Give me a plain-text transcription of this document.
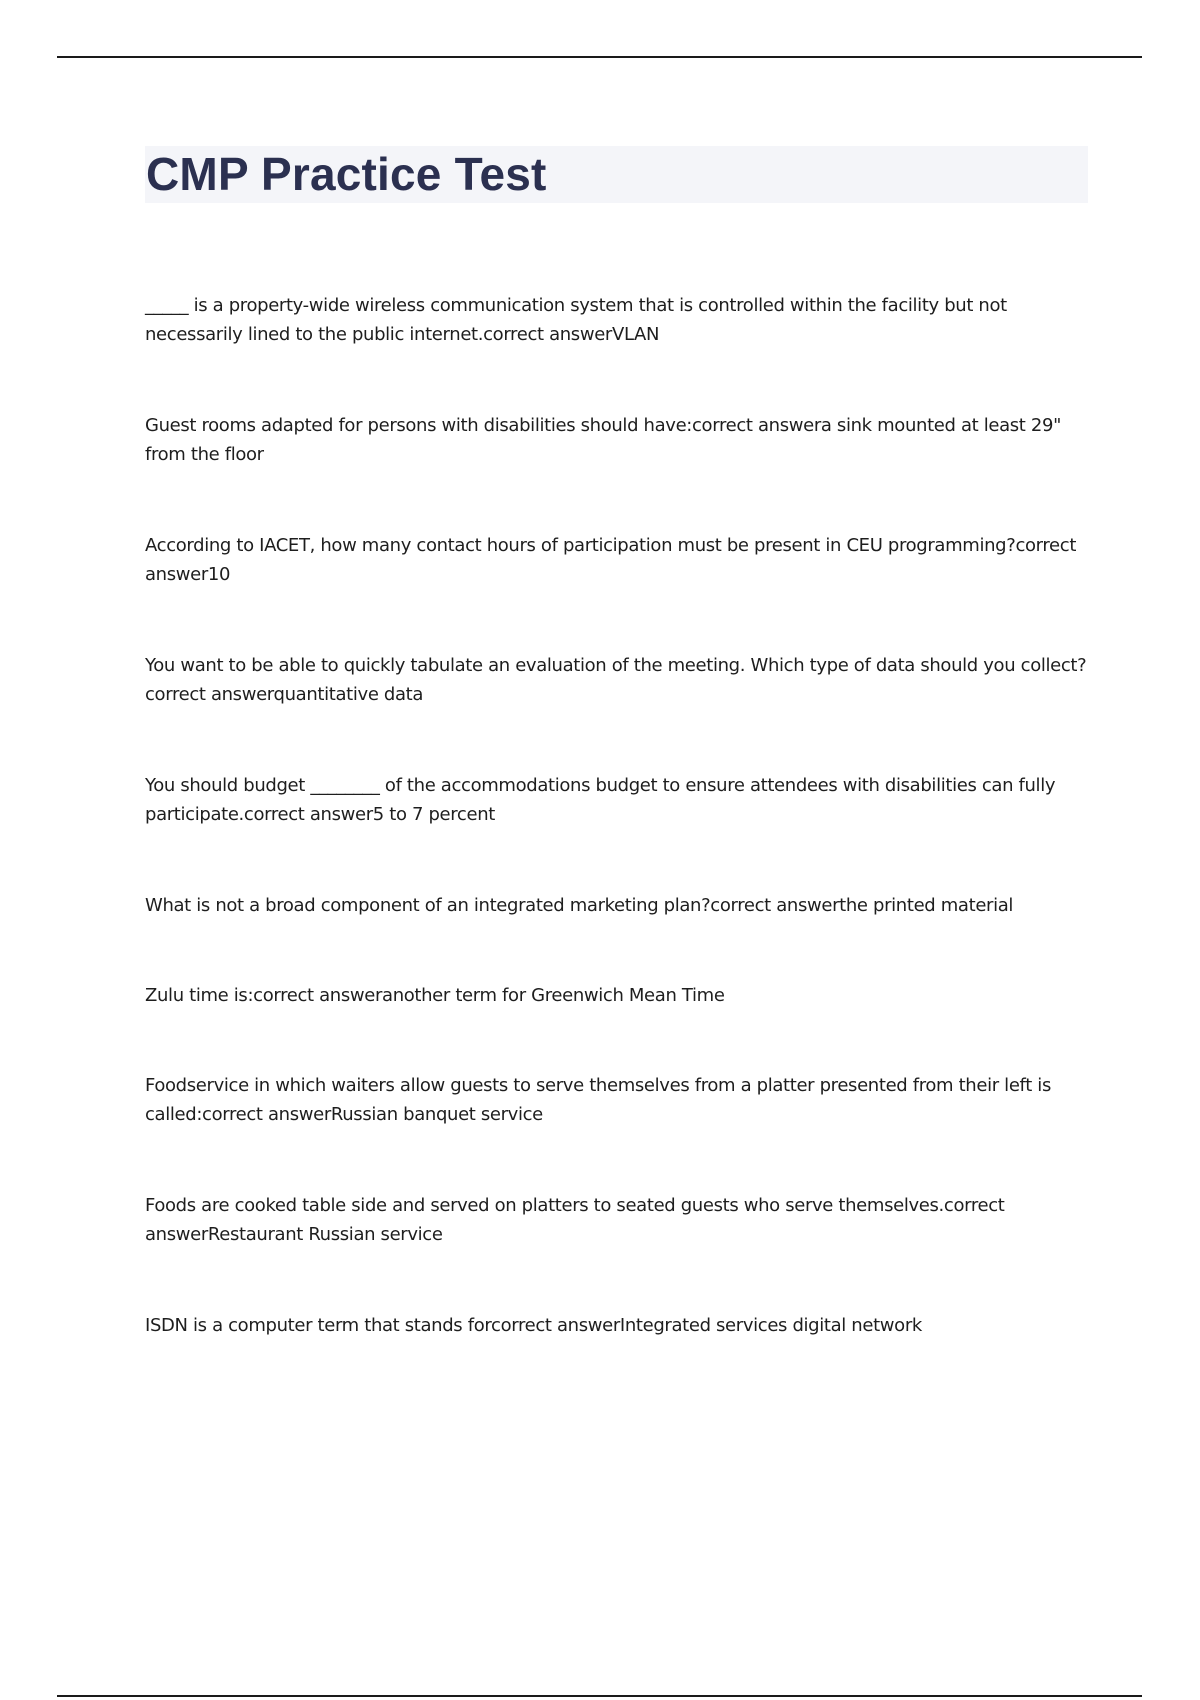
CMP Practice Test
_____ is a property-wide wireless communication system that is controlled within the facility but not necessarily lined to the public internet.correct answerVLAN
Guest rooms adapted for persons with disabilities should have:correct answera sink mounted at least 29" from the floor
According to IACET, how many contact hours of participation must be present in CEU programming?correct answer10
You want to be able to quickly tabulate an evaluation of the meeting. Which type of data should you collect?correct answerquantitative data
You should budget ________ of the accommodations budget to ensure attendees with disabilities can fully participate.correct answer5 to 7 percent
What is not a broad component of an integrated marketing plan?correct answerthe printed material
Zulu time is:correct answeranother term for Greenwich Mean Time
Foodservice in which waiters allow guests to serve themselves from a platter presented from their left is called:correct answerRussian banquet service
Foods are cooked table side and served on platters to seated guests who serve themselves.correct answerRestaurant Russian service
ISDN is a computer term that stands forcorrect answerIntegrated services digital network
